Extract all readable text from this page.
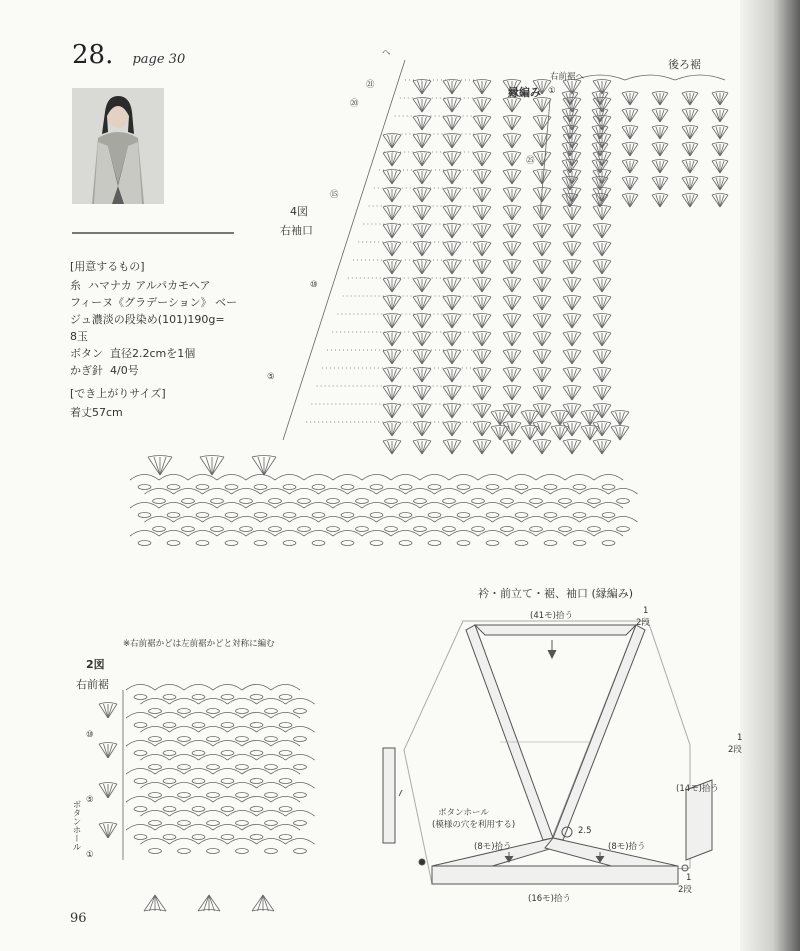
28. page 30

[用意するもの]

糸 ハマナカ アルパカモヘア

フィーヌ《グラデーション》 ベー

ジュ濃淡の段染め(101)190g=

8玉

ボタン 直径2.2cmを1個

かぎ針 4/0号

[でき上がりサイズ]

着丈57cm

4図
右袖口
へ
㉑
⑳
⑮
⑩
⑤
後ろ裾
右前裾へ
縁編み ①
㉕
※右前裾かどは左前裾かどと対称に編む
2図
右前裾
⑩
⑤
①
ボタンホール
衿・前立て・裾、袖口 (縁編み)
(41モ)拾う	1
2段
1
2段
(14モ)拾う
ボタンホール
(模様の穴を利用する)
2.5
(8モ)拾う	(8モ)拾う
(16モ)拾う
1
2段
96
